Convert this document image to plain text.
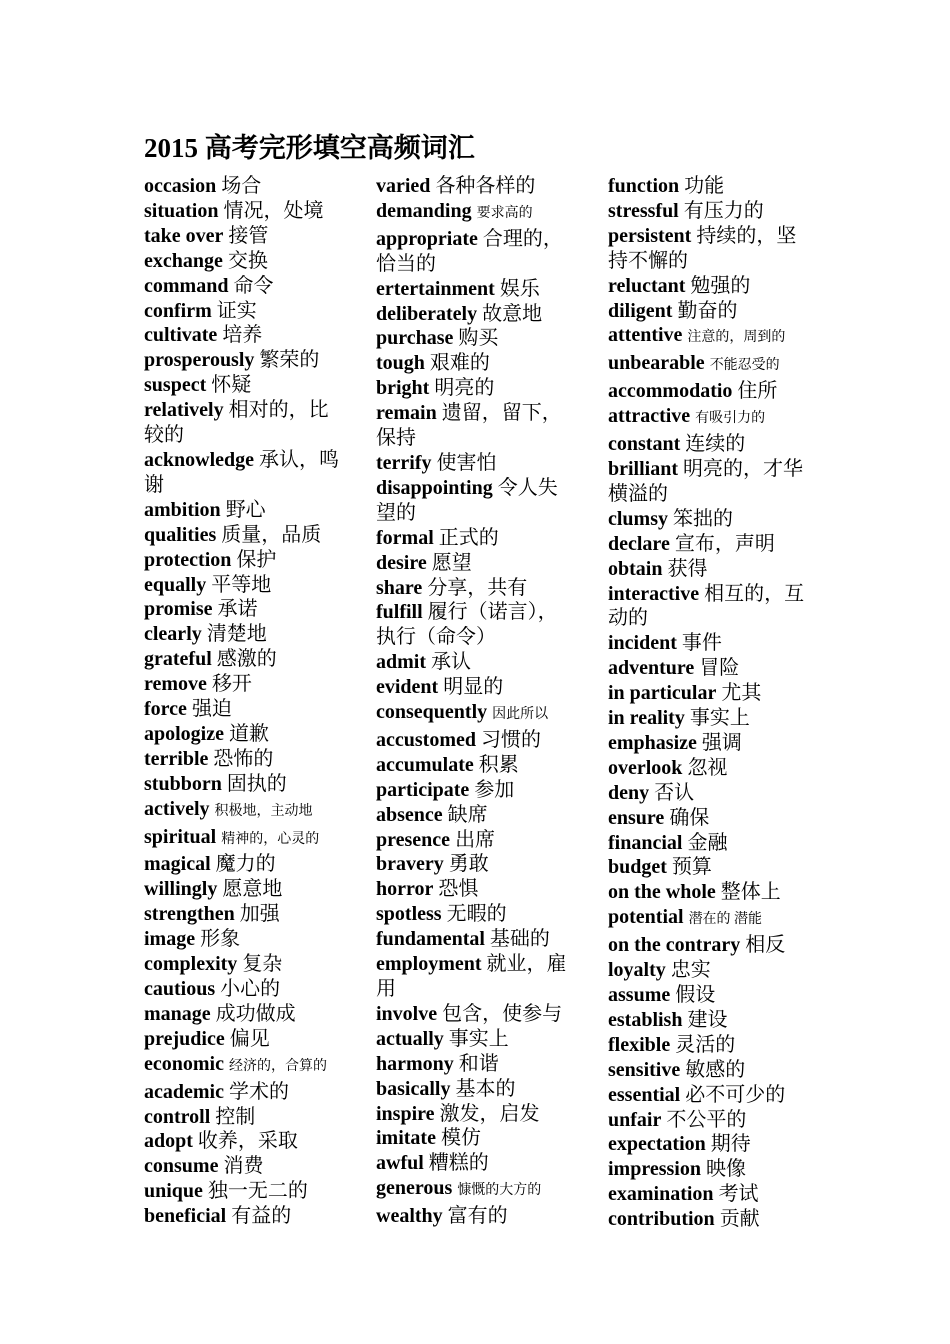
2015 高考完形填空高频词汇
occasion 场合
situation 情况，处境
take over 接管
exchange 交换
command 命令
confirm 证实
cultivate 培养
prosperously 繁荣的
suspect 怀疑
relatively 相对的，比较的
acknowledge 承认，鸣谢
ambition 野心
qualities 质量，品质
protection 保护
equally 平等地
promise 承诺
clearly 清楚地
grateful 感激的
remove 移开
force 强迫
apologize 道歉
terrible 恐怖的
stubborn 固执的
actively 积极地，主动地
spiritual 精神的，心灵的
magical 魔力的
willingly 愿意地
strengthen 加强
image 形象
complexity 复杂
cautious 小心的
manage 成功做成
prejudice 偏见
economic 经济的，合算的
academic 学术的
controll 控制
adopt 收养，采取
consume 消费
unique 独一无二的
beneficial 有益的
varied 各种各样的
demanding 要求高的
appropriate 合理的，恰当的
ertertainment 娱乐
deliberately 故意地
purchase 购买
tough 艰难的
bright 明亮的
remain 遗留，留下，保持
terrify 使害怕
disappointing 令人失望的
formal 正式的
desire 愿望
share 分享，共有
fulfill 履行（诺言），执行（命令）
admit 承认
evident 明显的
consequently 因此所以
accustomed 习惯的
accumulate 积累
participate 参加
absence 缺席
presence 出席
bravery 勇敢
horror 恐惧
spotless 无暇的
fundamental 基础的
employment 就业，雇用
involve 包含，使参与
actually 事实上
harmony 和谐
basically 基本的
inspire 激发，启发
imitate 模仿
awful 糟糕的
generous 慷慨的大方的
wealthy 富有的
function 功能
stressful 有压力的
persistent 持续的，坚持不懈的
reluctant 勉强的
diligent 勤奋的
attentive 注意的，周到的
unbearable 不能忍受的
accommodatio 住所
attractive 有吸引力的
constant 连续的
brilliant 明亮的，才华横溢的
clumsy 笨拙的
declare 宣布，声明
obtain 获得
interactive 相互的，互动的
incident 事件
adventure 冒险
in particular 尤其
in reality 事实上
emphasize 强调
overlook 忽视
deny 否认
ensure 确保
financial 金融
budget 预算
on the whole 整体上
potential 潜在的 潜能
on the contrary 相反
loyalty 忠实
assume 假设
establish 建设
flexible 灵活的
sensitive 敏感的
essential 必不可少的
unfair 不公平的
expectation 期待
impression 映像
examination 考试
contribution 贡献
